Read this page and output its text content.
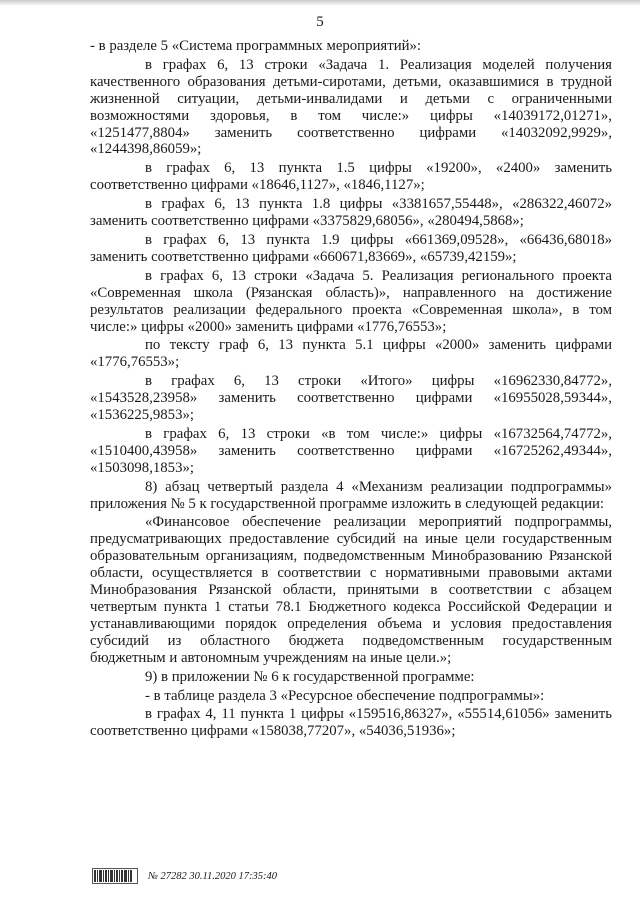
5

- в разделе 5 «Система программных мероприятий»:

в графах 6, 13 строки «Задача 1. Реализация моделей получения качественного образования детьми-сиротами, детьми, оказавшимися в трудной жизненной ситуации, детьми-инвалидами и детьми с ограниченными возможностями здоровья, в том числе:» цифры «14039172,01271», «1251477,8804» заменить соответственно цифрами «14032092,9929», «1244398,86059»;

в графах 6, 13 пункта 1.5 цифры «19200», «2400» заменить соответственно цифрами «18646,1127», «1846,1127»;

в графах 6, 13 пункта 1.8 цифры «3381657,55448», «286322,46072» заменить соответственно цифрами «3375829,68056», «280494,5868»;

в графах 6, 13 пункта 1.9 цифры «661369,09528», «66436,68018» заменить соответственно цифрами «660671,83669», «65739,42159»;

в графах 6, 13 строки «Задача 5. Реализация регионального проекта «Современная школа (Рязанская область)», направленного на достижение результатов реализации федерального проекта «Современная школа», в том числе:» цифры «2000» заменить цифрами «1776,76553»;

по тексту граф 6, 13 пункта 5.1 цифры «2000» заменить цифрами «1776,76553»;

в графах 6, 13 строки «Итого» цифры «16962330,84772», «1543528,23958» заменить соответственно цифрами «16955028,59344», «1536225,9853»;

в графах 6, 13 строки «в том числе:» цифры «16732564,74772», «1510400,43958» заменить соответственно цифрами «16725262,49344», «1503098,1853»;

8) абзац четвертый раздела 4 «Механизм реализации подпрограммы» приложения № 5 к государственной программе изложить в следующей редакции:

«Финансовое обеспечение реализации мероприятий подпрограммы, предусматривающих предоставление субсидий на иные цели государственным образовательным организациям, подведомственным Минобразованию Рязанской области, осуществляется в соответствии с нормативными правовыми актами Минобразования Рязанской области, принятыми в соответствии с абзацем четвертым пункта 1 статьи 78.1 Бюджетного кодекса Российской Федерации и устанавливающими порядок определения объема и условия предоставления субсидий из областного бюджета подведомственным государственным бюджетным и автономным учреждениям на иные цели.»;

9) в приложении № 6 к государственной программе:

- в таблице раздела 3 «Ресурсное обеспечение подпрограммы»:

в графах 4, 11 пункта 1 цифры «159516,86327», «55514,61056» заменить соответственно цифрами «158038,77207», «54036,51936»;

№ 27282 30.11.2020 17:35:40
